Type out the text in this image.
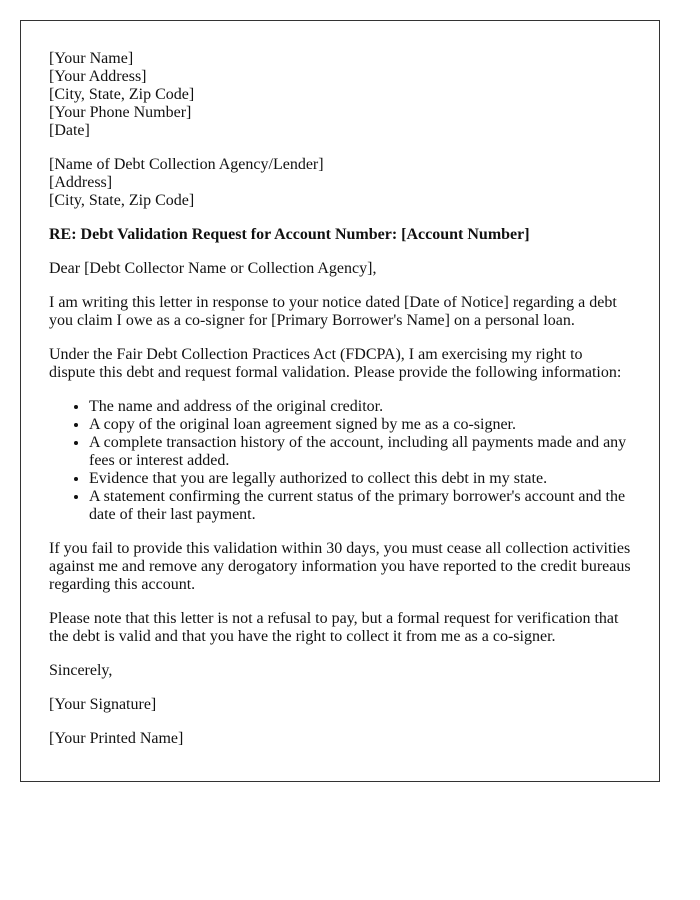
[Your Name]
[Your Address]
[City, State, Zip Code]
[Your Phone Number]
[Date]
[Name of Debt Collection Agency/Lender]
[Address]
[City, State, Zip Code]
RE: Debt Validation Request for Account Number: [Account Number]

Dear [Debt Collector Name or Collection Agency],

I am writing this letter in response to your notice dated [Date of Notice] regarding a debt you claim I owe as a co-signer for [Primary Borrower's Name] on a personal loan.

Under the Fair Debt Collection Practices Act (FDCPA), I am exercising my right to dispute this debt and request formal validation. Please provide the following information:

• The name and address of the original creditor.
• A copy of the original loan agreement signed by me as a co-signer.
• A complete transaction history of the account, including all payments made and any fees or interest added.
• Evidence that you are legally authorized to collect this debt in my state.
• A statement confirming the current status of the primary borrower's account and the date of their last payment.

If you fail to provide this validation within 30 days, you must cease all collection activities against me and remove any derogatory information you have reported to the credit bureaus regarding this account.

Please note that this letter is not a refusal to pay, but a formal request for verification that the debt is valid and that you have the right to collect it from me as a co-signer.

Sincerely,

[Your Signature]

[Your Printed Name]
